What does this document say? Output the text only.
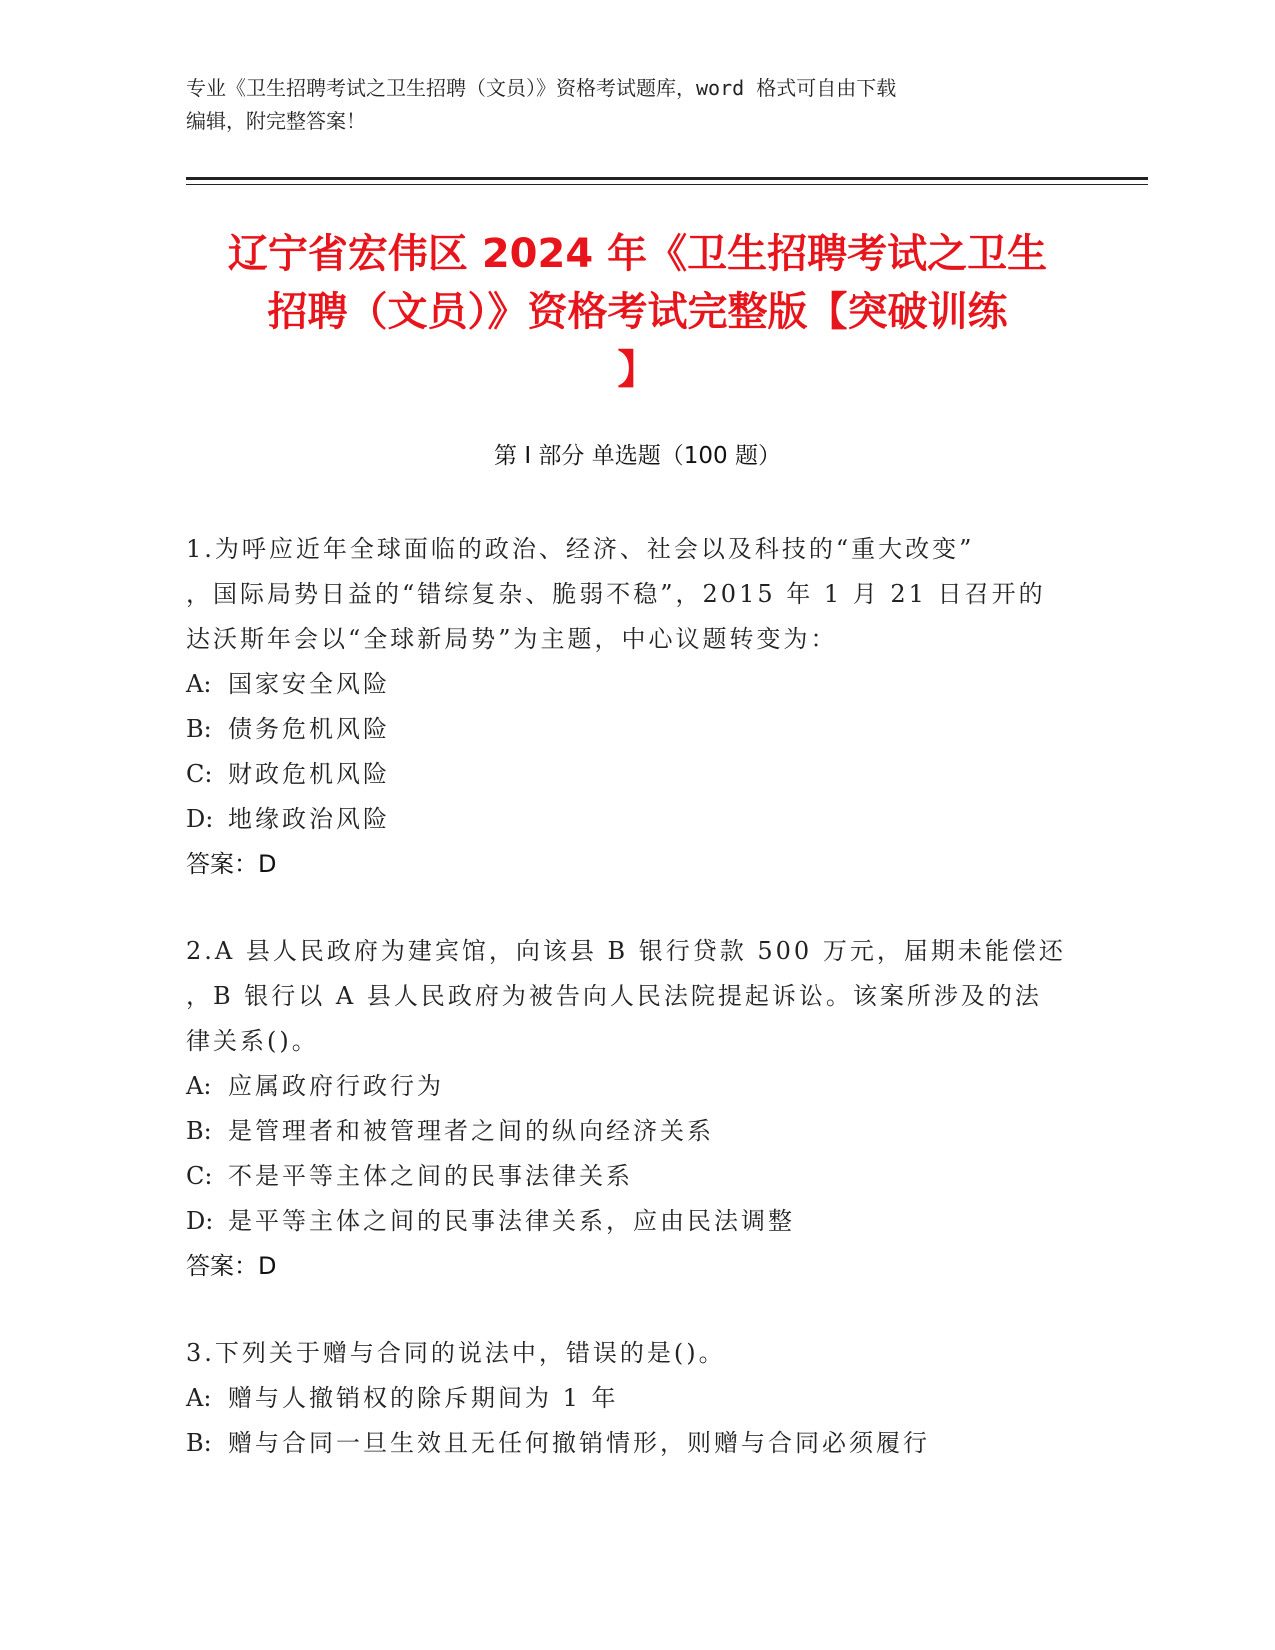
专业《卫生招聘考试之卫生招聘（文员）》资格考试题库，word 格式可自由下载
编辑，附完整答案！
辽宁省宏伟区 2024 年《卫生招聘考试之卫生
招聘（文员）》资格考试完整版【突破训练
】
第 I 部分 单选题（100 题）
1.为呼应近年全球面临的政治、经济、社会以及科技的“重大改变”
，国际局势日益的“错综复杂、脆弱不稳”，2015 年 1 月 21 日召开的
达沃斯年会以“全球新局势”为主题，中心议题转变为：
A: 国家安全风险
B: 债务危机风险
C: 财政危机风险
D: 地缘政治风险
答案：D
2.A 县人民政府为建宾馆，向该县 B 银行贷款 500 万元，届期未能偿还
，B 银行以 A 县人民政府为被告向人民法院提起诉讼。该案所涉及的法
律关系()。
A: 应属政府行政行为
B: 是管理者和被管理者之间的纵向经济关系
C: 不是平等主体之间的民事法律关系
D: 是平等主体之间的民事法律关系，应由民法调整
答案：D
3.下列关于赠与合同的说法中，错误的是()。
A: 赠与人撤销权的除斥期间为 1 年
B: 赠与合同一旦生效且无任何撤销情形，则赠与合同必须履行
